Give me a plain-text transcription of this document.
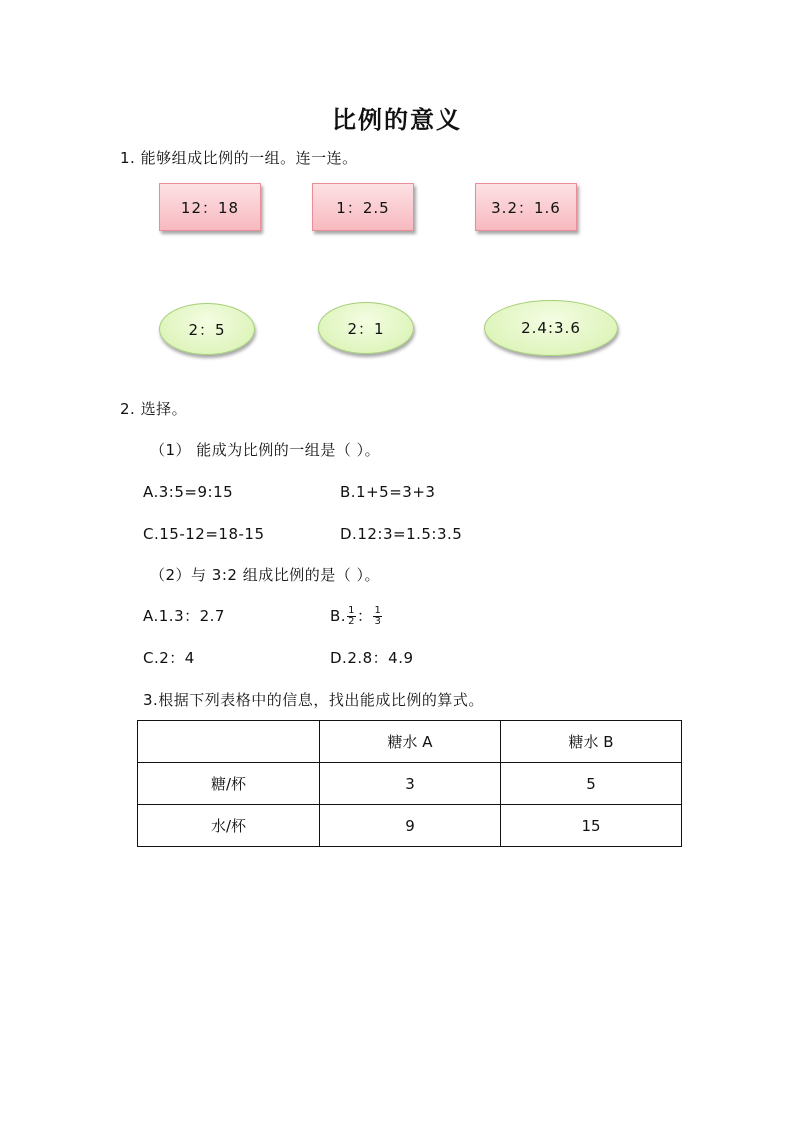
比例的意义
1. 能够组成比例的一组。连一连。
12：18	1：2.5	3.2：1.6
2：5	2：1	2.4:3.6
2. 选择。
（1） 能成为比例的一组是（ ）。
A.3:5=9:15	B.1+5=3+3
C.15-12=18-15	D.12:3=1.5:3.5
（2）与 3:2 组成比例的是（ ）。
A.1.3：2.7	B. $\frac{1}{2}$ ： $\frac{1}{3}$
C.2：4	D.2.8：4.9
3.根据下列表格中的信息，找出能成比例的算式。
	糖水 A	糖水 B
糖/杯	3	5
水/杯	9	15
